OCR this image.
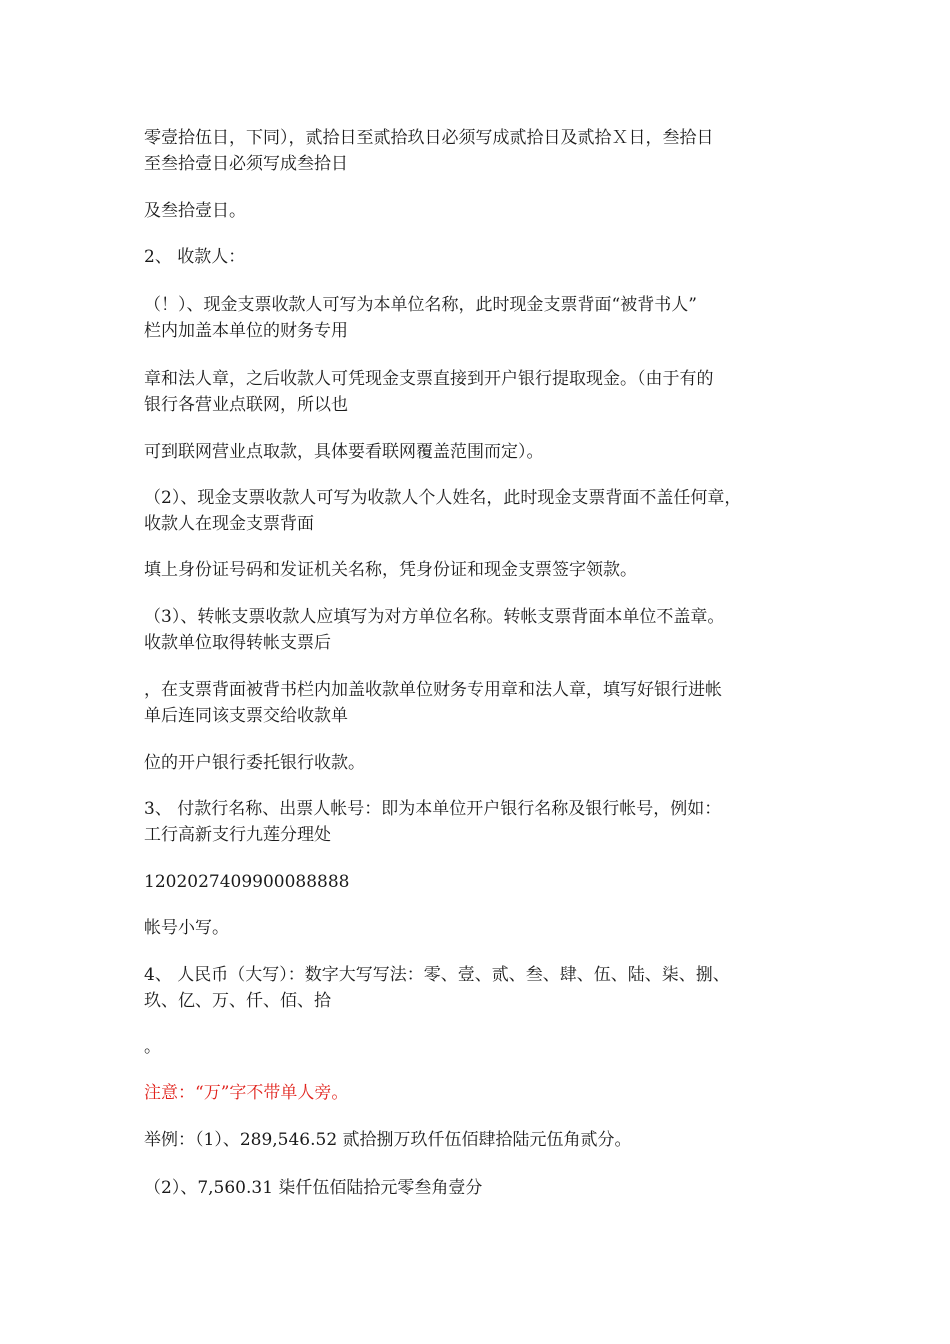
零壹拾伍日，下同），贰拾日至贰拾玖日必须写成贰拾日及贰拾Ｘ日，叁拾日
至叁拾壹日必须写成叁拾日

及叁拾壹日。

2、 收款人：

（！）、现金支票收款人可写为本单位名称，此时现金支票背面“被背书人”
栏内加盖本单位的财务专用

章和法人章，之后收款人可凭现金支票直接到开户银行提取现金。（由于有的
银行各营业点联网，所以也

可到联网营业点取款，具体要看联网覆盖范围而定）。

（2）、现金支票收款人可写为收款人个人姓名，此时现金支票背面不盖任何章，
收款人在现金支票背面

填上身份证号码和发证机关名称，凭身份证和现金支票签字领款。

（3）、转帐支票收款人应填写为对方单位名称。转帐支票背面本单位不盖章。
收款单位取得转帐支票后

，在支票背面被背书栏内加盖收款单位财务专用章和法人章，填写好银行进帐
单后连同该支票交给收款单

位的开户银行委托银行收款。

3、 付款行名称、出票人帐号：即为本单位开户银行名称及银行帐号，例如：
工行高新支行九莲分理处

1202027409900088888

帐号小写。

4、 人民币（大写）：数字大写写法：零、壹、贰、叁、肆、伍、陆、柒、捌、
玖、亿、万、仟、佰、拾

。

注意：“万”字不带单人旁。

举例：（1）、289,546.52 贰拾捌万玖仟伍佰肆拾陆元伍角贰分。

（2）、7,560.31 柒仟伍佰陆拾元零叁角壹分
